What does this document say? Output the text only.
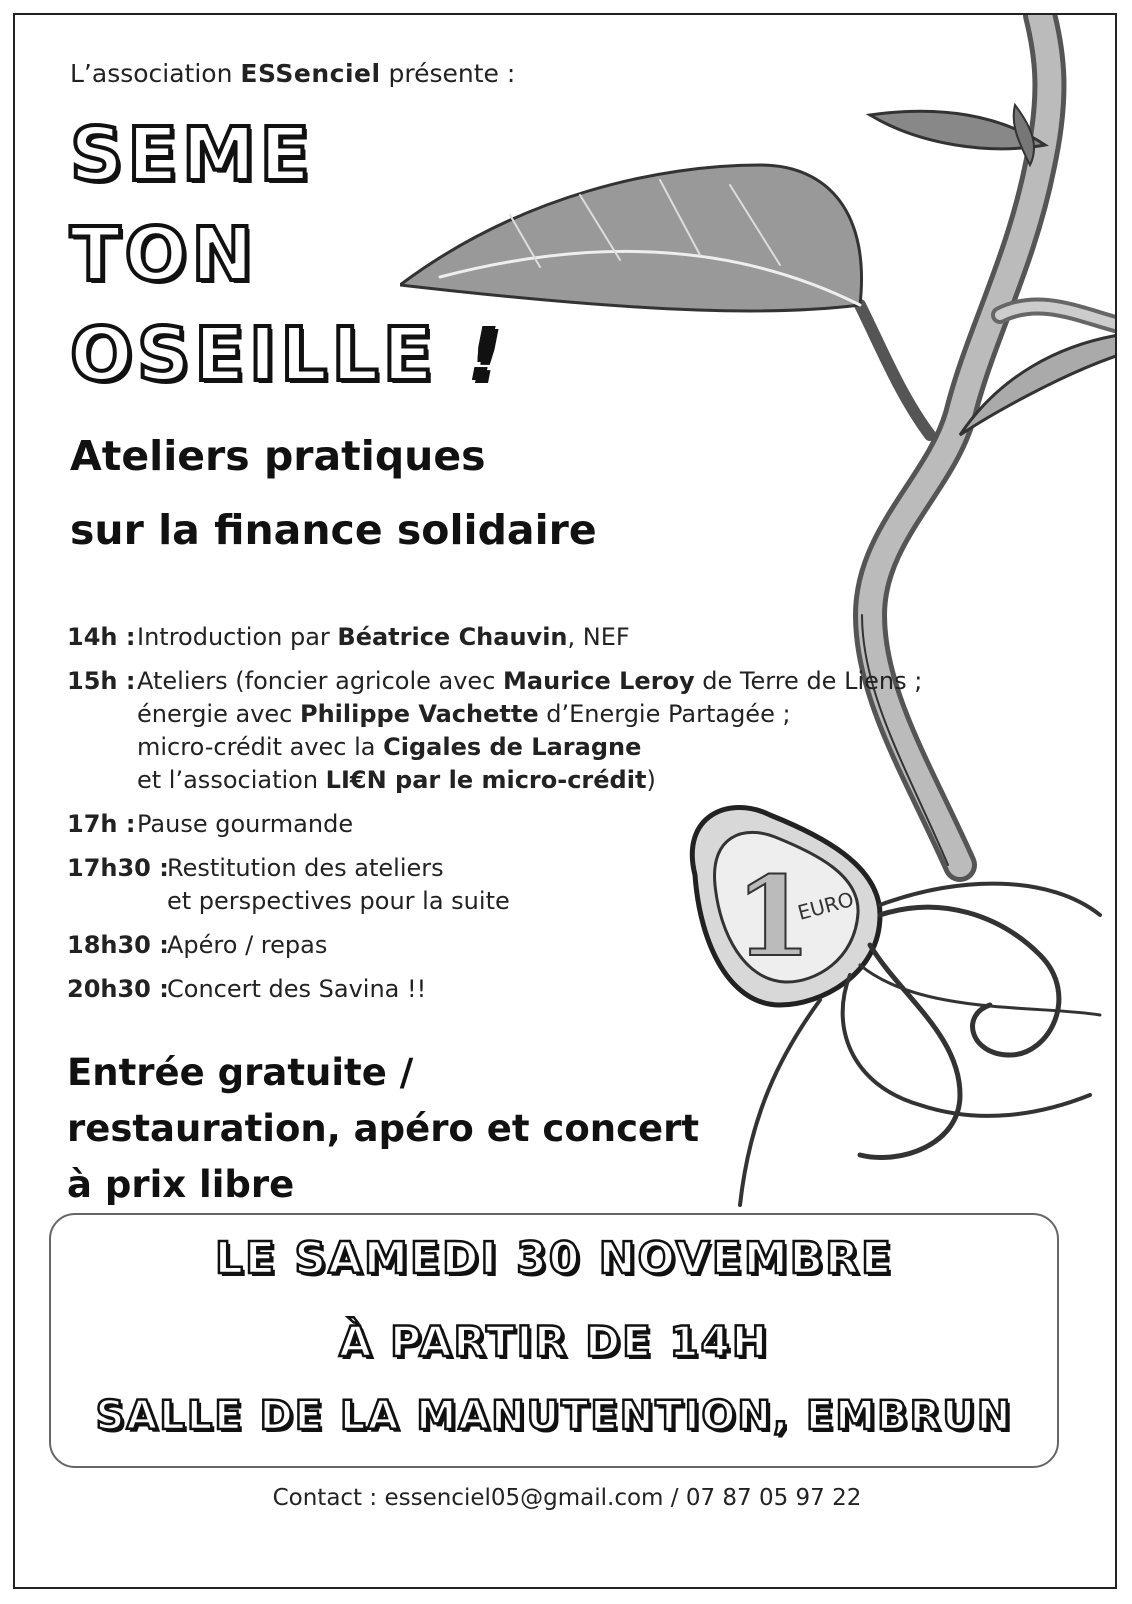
1
EURO
L’association ESSenciel présente :
SEME
TON
OSEILLE !
Ateliers pratiques
sur la finance solidaire
14h : Introduction par Béatrice Chauvin, NEF
15h : Ateliers (foncier agricole avec Maurice Leroy de Terre de Liens ;
énergie avec Philippe Vachette d’Energie Partagée ;
micro-crédit avec la Cigales de Laragne
et l’association LI€N par le micro-crédit)
17h : Pause gourmande
17h30 :
Restitution des ateliers
et perspectives pour la suite
18h30 :
Apéro / repas
20h30 :
Concert des Savina !!
Entrée gratuite /
restauration, apéro et concert
à prix libre
LE SAMEDI 30 NOVEMBRE
À PARTIR DE 14H
SALLE DE LA MANUTENTION, EMBRUN
Contact : essenciel05@gmail.com / 07 87 05 97 22
